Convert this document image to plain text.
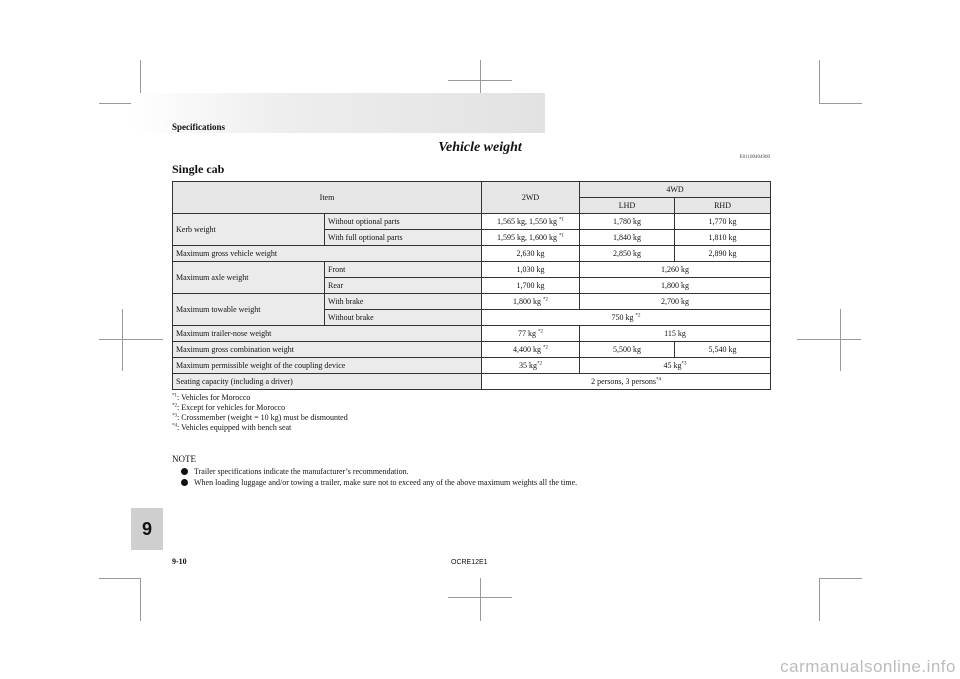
Specifications
Vehicle weight
E01100404900
Single cab
Item		2WD	4WD	
			LHD	RHD
Kerb weight	Without optional parts	1,565 kg, 1,550 kg $^{*1}$	1,780 kg	1,770 kg
	With full optional parts	1,595 kg, 1,600 kg $^{*1}$	1,840 kg	1,810 kg
Maximum gross vehicle weight		2,630 kg	2,850 kg	2,890 kg
Maximum axle weight	Front	1,030 kg	1,260 kg	
	Rear	1,700 kg	1,800 kg	
Maximum towable weight	With brake	1,800 kg $^{*2}$	2,700 kg	
	Without brake	750 kg $^{*2}$
Maximum trailer-nose weight		77 kg $^{*2}$	115 kg	
Maximum gross combination weight		4,400 kg $^{*2}$	5,500 kg	5,540 kg
Maximum permissible weight of the coupling device		35 $kg^{*2}$	45 $kg^{*3}$
Seating capacity (including a driver)		2 persons, 3 persons$^{*4}$
$^{*1}$: Vehicles for Morocco
$^{*2}$: Except for vehicles for Morocco
$^{*3}$: Crossmember (weight = 10 kg) must be dismounted
$^{*4}$: Vehicles equipped with bench seat
NOTE
Trailer specifications indicate the manufacturer’s recommendation.
When loading luggage and/or towing a trailer, make sure not to exceed any of the above maximum weights all the time.
9
9-10	OCRE12E1
carmanualsonline.info
